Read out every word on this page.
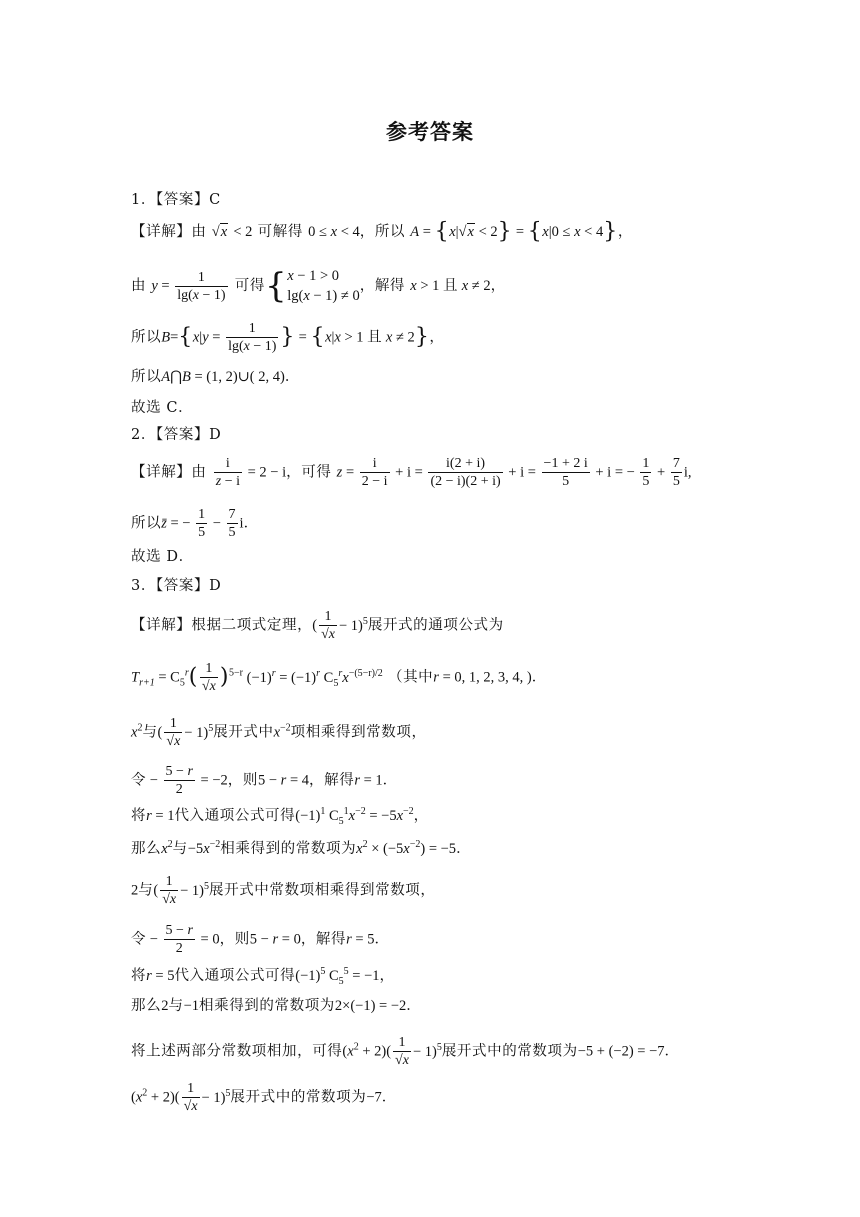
参考答案
1．【答案】C
【详解】由 √x < 2 可解得 0 ≤ x < 4，所以 A = {x|√x < 2} = {x|0 ≤ x < 4}，
由 $y = \frac{1}{\lg(x - 1)}$ 可得{ x − 1 > 0
lg(x − 1) ≠ 0
，解得 x > 1 且 x ≠ 2，
所以$B=\{x|y = \frac{1}{\lg(x - 1)}$ } = {x|x > 1 且 x ≠ 2}，
所以A⋂B = (1, 2)∪( 2, 4)．
故选 C．
2．【答案】D
【详解】由 $\frac{i}{z - i} = 2 - i$，可得 $z = \frac{i}{2 - i} + i = \frac{i(2 + i)}{(2 - i)(2 + i)} + i = \frac{-1 + 2 i}{5} + i$ = − $\frac{1}{5} + \frac{7}{5} i$,
所以z̄ = − $\frac{1}{5} - \frac{7}{5}$ i．
故选 D．
3．【答案】D
【详解】根据二项式定理，( $\frac{1}{√x} - 1)^5$展开式的通项公式为
$T_{r+1} = C_5^r( \frac{1}{√x} )^{5-r}$ $(-1)^r = (-1)^r$ $C_5^rx^{-(5-r)/2}$ （其中r = 0, 1, 2, 3, 4, )．
$x^2$与( $\frac{1}{√x} - 1)^5$展开式中$x^{-2}$项相乘得到常数项，
令 − $\frac{5 - r}{2} = -2$，则5 − r = 4，解得r = 1．
将r = 1代入通项公式可得$(-1)^1$ $C_5^1x^{-2} = -5x^{-2}$，
那么$x^2$与$-5x^{-2}$相乘得到的常数项为$x^2 \times (-5x^{-2}) = -5$．
2与( $\frac{1}{√x} - 1)^5$展开式中常数项相乘得到常数项，
令 − $\frac{5 - r}{2} = 0$，则5 − r = 0，解得r = 5．
将r = 5代入通项公式可得$(-1)^5$ $C_5^5 = -1$，
那么2与−1相乘得到的常数项为2×(−1) = −2．
将上述两部分常数项相加，可得$(x^2 + 2)( \frac{1}{√x} - 1)^5$展开式中的常数项为−5 + (−2) = −7．
$(x^2 + 2)( \frac{1}{√x} - 1)^5$展开式中的常数项为−7．
